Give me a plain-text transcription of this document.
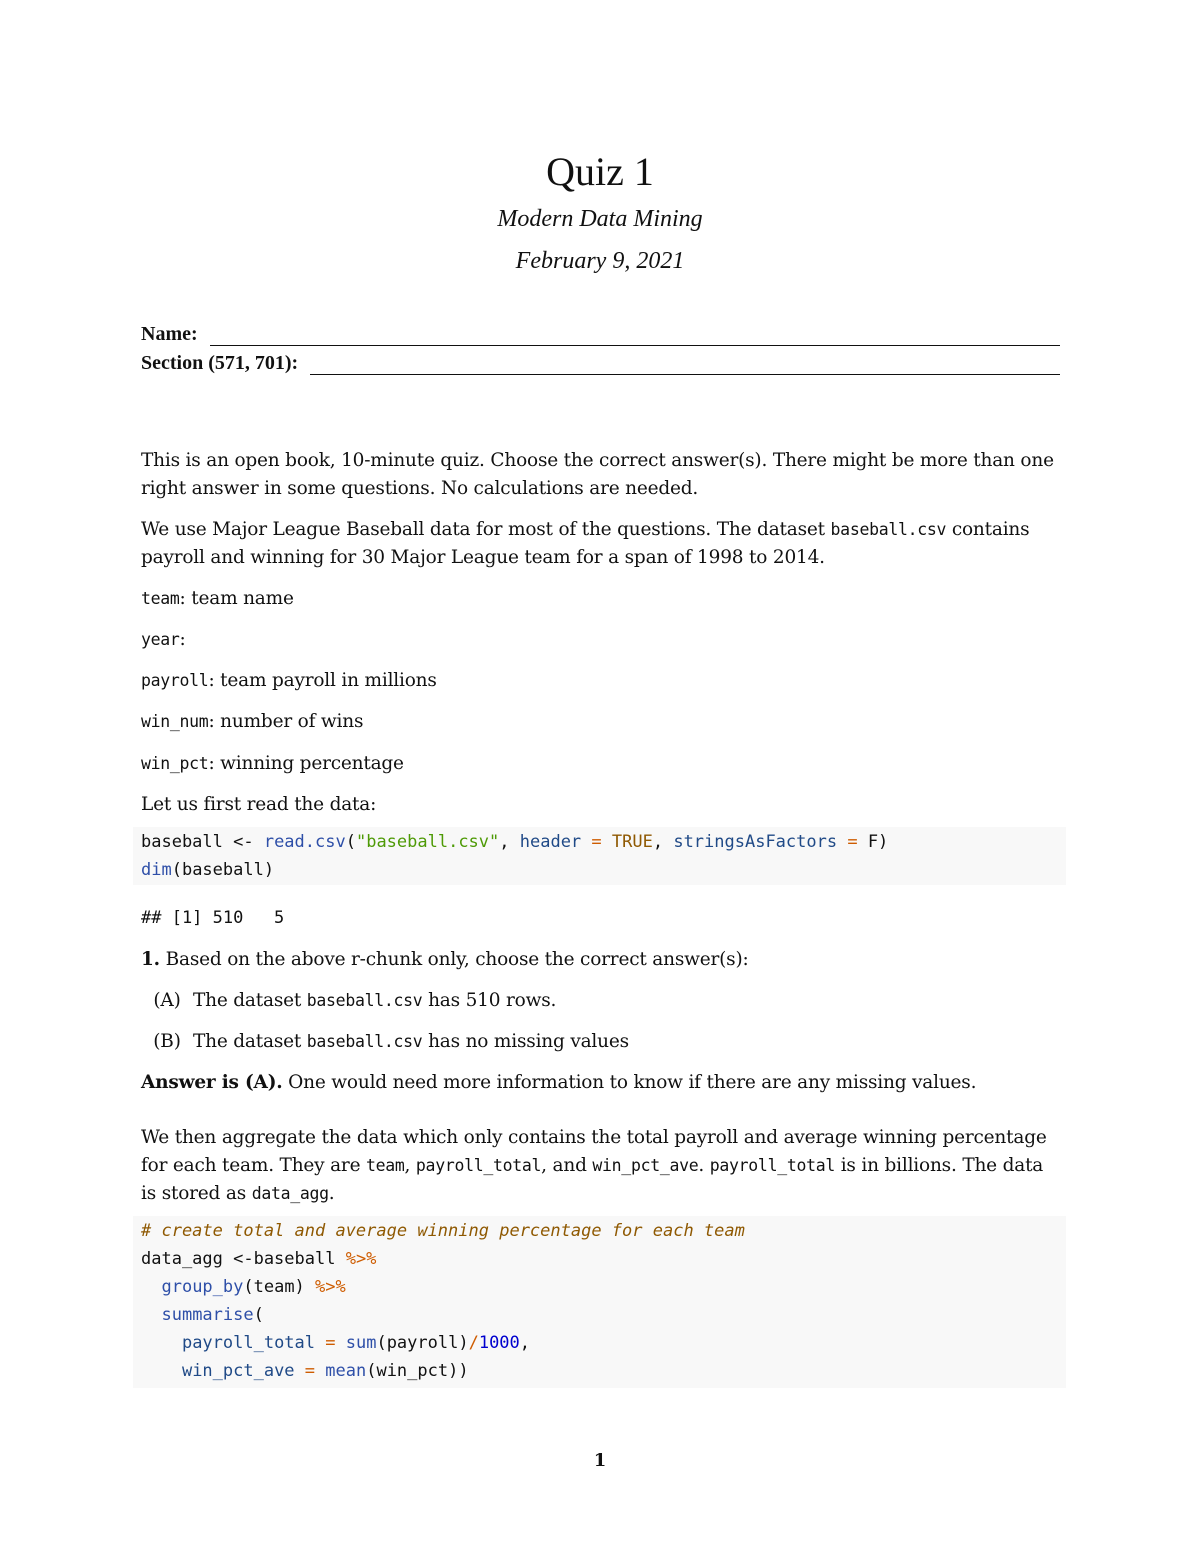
Quiz 1
Modern Data Mining
February 9, 2021
Name:
Section (571, 701):
This is an open book, 10-minute quiz. Choose the correct answer(s). There might be more than one right answer in some questions. No calculations are needed.
We use Major League Baseball data for most of the questions. The dataset baseball.csv contains payroll and winning for 30 Major League team for a span of 1998 to 2014.
team: team name
year:
payroll: team payroll in millions
win_num: number of wins
win_pct: winning percentage
Let us first read the data:
baseball <- read.csv("baseball.csv", header = TRUE, stringsAsFactors = F)
dim(baseball)
## [1] 510   5
1. Based on the above r-chunk only, choose the correct answer(s):
(A) The dataset baseball.csv has 510 rows.
(B) The dataset baseball.csv has no missing values
Answer is (A). One would need more information to know if there are any missing values.
We then aggregate the data which only contains the total payroll and average winning percentage for each team. They are team, payroll_total, and win_pct_ave. payroll_total is in billions. The data is stored as data_agg.
# create total and average winning percentage for each team
data_agg <-baseball %>%
group_by(team) %>%
summarise(
payroll_total = sum(payroll)/1000,
win_pct_ave = mean(win_pct))
1
